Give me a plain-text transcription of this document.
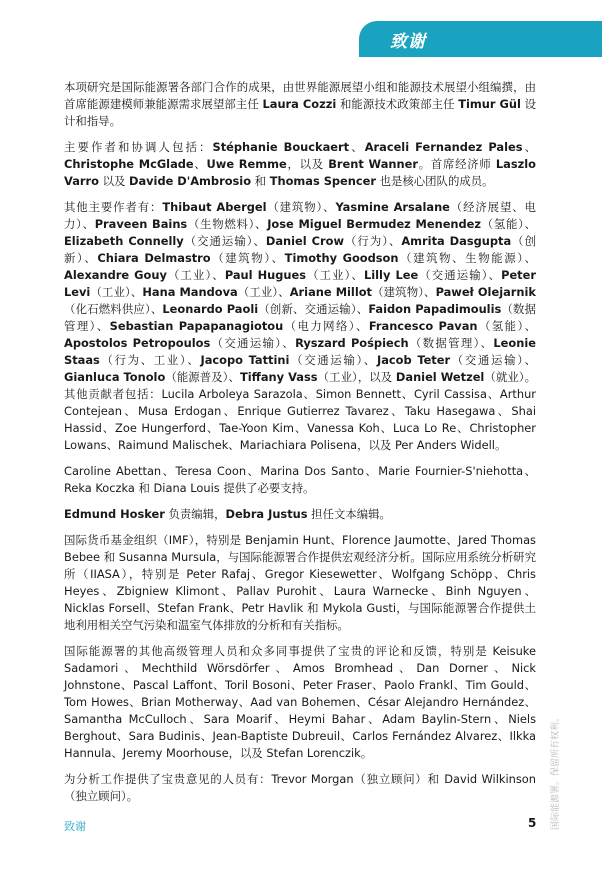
致谢

本项研究是国际能源署各部门合作的成果，由世界能源展望小组和能源技术展望小组编撰，由首席能源建模师兼能源需求展望部主任 Laura Cozzi 和能源技术政策部主任 Timur Gül 设计和指导。

主要作者和协调人包括：Stéphanie Bouckaert、Araceli Fernandez Pales、Christophe McGlade、Uwe Remme，以及 Brent Wanner。首席经济师 Laszlo Varro 以及 Davide D'Ambrosio 和 Thomas Spencer 也是核心团队的成员。

其他主要作者有：Thibaut Abergel（建筑物）、Yasmine Arsalane（经济展望、电力）、Praveen Bains（生物燃料）、Jose Miguel Bermudez Menendez（氢能）、Elizabeth Connelly（交通运输）、Daniel Crow（行为）、Amrita Dasgupta（创新）、Chiara Delmastro（建筑物）、Timothy Goodson（建筑物、生物能源）、Alexandre Gouy（工业）、Paul Hugues（工业）、Lilly Lee（交通运输）、Peter Levi（工业）、Hana Mandova（工业）、Ariane Millot（建筑物）、Paweł Olejarnik（化石燃料供应）、Leonardo Paoli（创新、交通运输）、Faidon Papadimoulis（数据管理）、Sebastian Papapanagiotou（电力网络）、Francesco Pavan（氢能）、Apostolos Petropoulos（交通运输）、Ryszard Pośpiech（数据管理）、Leonie Staas（行为、工业）、Jacopo Tattini（交通运输）、Jacob Teter（交通运输）、Gianluca Tonolo（能源普及）、Tiffany Vass（工业），以及 Daniel Wetzel（就业）。其他贡献者包括：Lucila Arboleya Sarazola、Simon Bennett、Cyril Cassisa、Arthur Contejean、Musa Erdogan、Enrique Gutierrez Tavarez、Taku Hasegawa、Shai Hassid、Zoe Hungerford、Tae-Yoon Kim、Vanessa Koh、Luca Lo Re、Christopher Lowans、Raimund Malischek、Mariachiara Polisena，以及 Per Anders Widell。

Caroline Abettan、Teresa Coon、Marina Dos Santo、Marie Fournier-S'niehotta、Reka Koczka 和 Diana Louis 提供了必要支持。

Edmund Hosker 负责编辑，Debra Justus 担任文本编辑。

国际货币基金组织（IMF），特别是 Benjamin Hunt、Florence Jaumotte、Jared Thomas Bebee 和 Susanna Mursula，与国际能源署合作提供宏观经济分析。国际应用系统分析研究所（IIASA），特别是 Peter Rafaj、Gregor Kiesewetter、Wolfgang Schöpp、Chris Heyes、Zbigniew Klimont、Pallav Purohit、Laura Warnecke、Binh Nguyen、Nicklas Forsell、Stefan Frank、Petr Havlik 和 Mykola Gusti，与国际能源署合作提供土地利用相关空气污染和温室气体排放的分析和有关指标。

国际能源署的其他高级管理人员和众多同事提供了宝贵的评论和反馈，特别是 Keisuke Sadamori、Mechthild Wörsdörfer、Amos Bromhead、Dan Dorner、Nick Johnstone、Pascal Laffont、Toril Bosoni、Peter Fraser、Paolo Frankl、Tim Gould、Tom Howes、Brian Motherway、Aad van Bohemen、César Alejandro Hernández、Samantha McCulloch、Sara Moarif、Heymi Bahar、Adam Baylin-Stern、Niels Berghout、Sara Budinis、Jean-Baptiste Dubreuil、Carlos Fernández Alvarez、Ilkka Hannula、Jeremy Moorhouse，以及 Stefan Lorenczik。

为分析工作提供了宝贵意见的人员有：Trevor Morgan（独立顾问）和 David Wilkinson（独立顾问）。

致谢	5	国际能源署。保留所有权利。
